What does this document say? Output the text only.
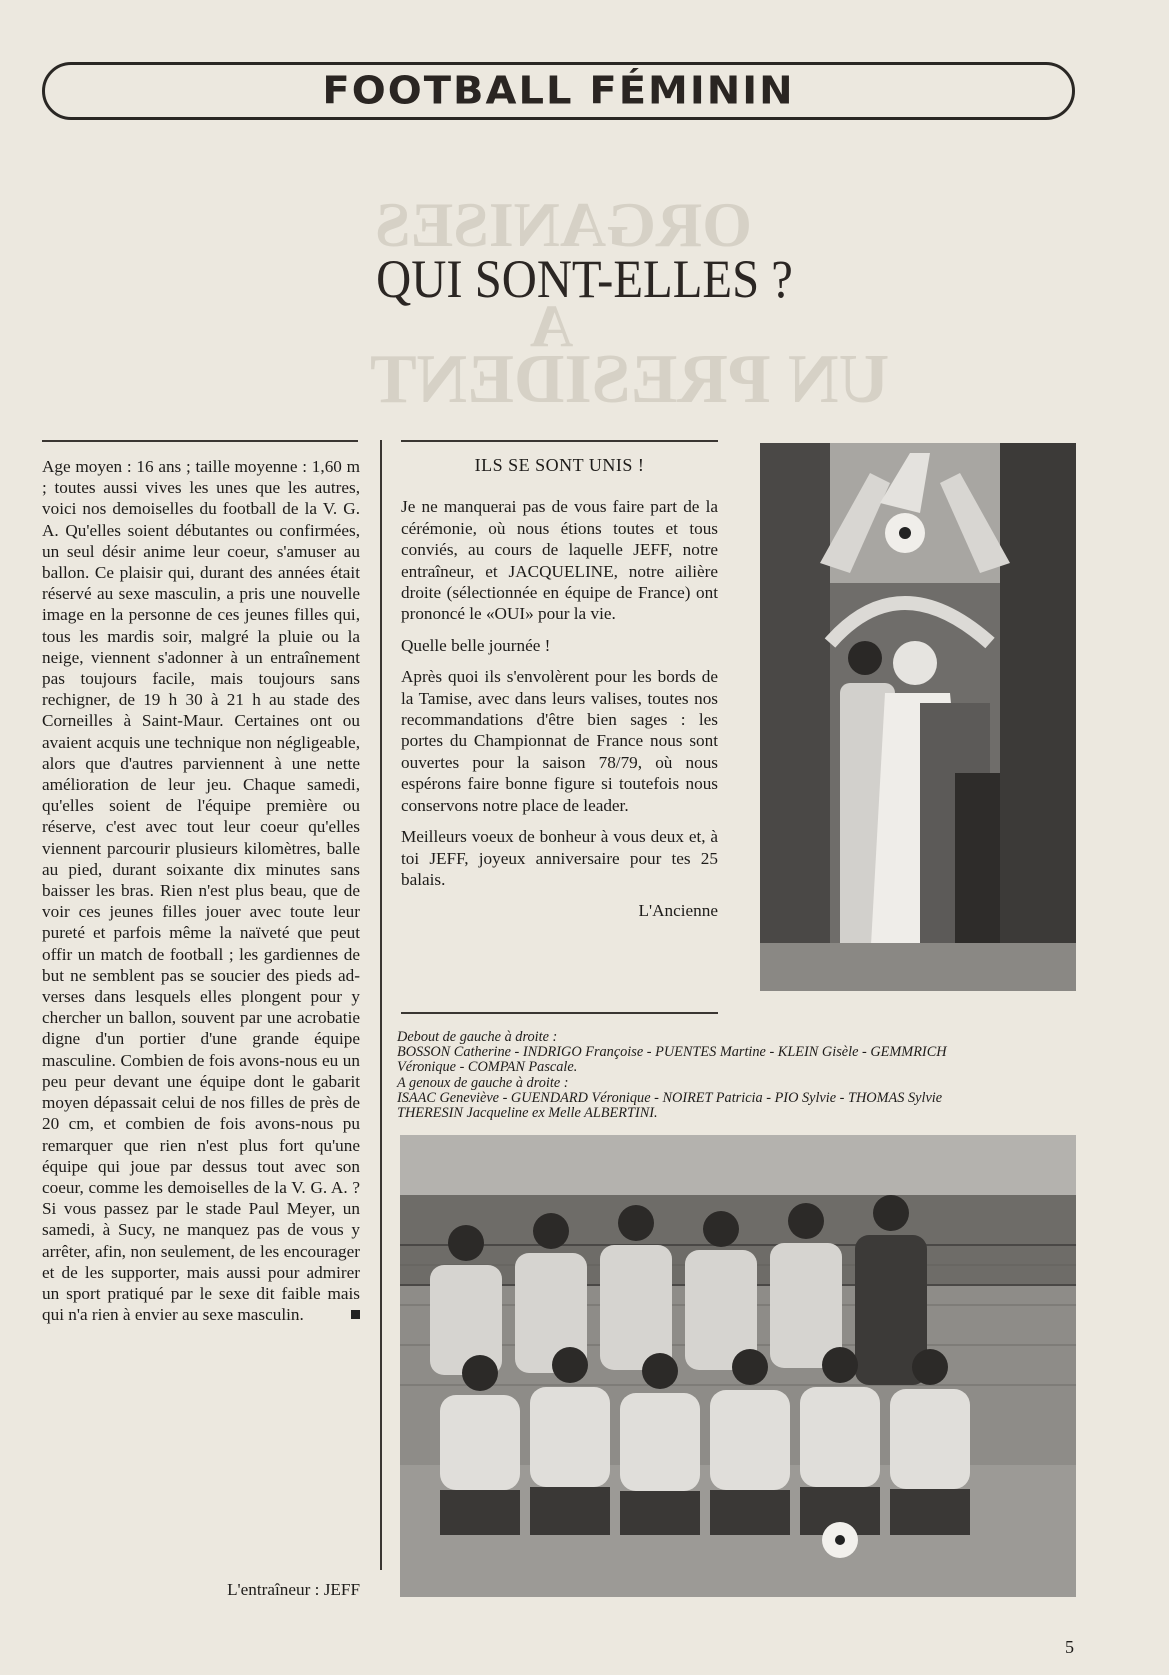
ORGANISES
A
UN PRESIDENT
FOOTBALL FÉMININ
QUI SONT-ELLES ?

Age moyen : 16 ans ; taille moyenne : 1,60 m ; toutes aussi vives les unes que les autres, voici nos demoiselles du football de la V. G. A. Qu'elles soient débutantes ou confirmées, un seul désir anime leur coeur, s'amuser au ballon. Ce plaisir qui, durant des années était réservé au sexe masculin, a pris une nouvelle image en la personne de ces jeunes filles qui, tous les mardis soir, malgré la pluie ou la neige, viennent s'adonner à un entraînement pas toujours facile, mais toujours sans rechigner, de 19 h 30 à 21 h au stade des Corneilles à Saint-Maur. Certaines ont ou avaient acquis une technique non négligeable, alors que d'autres parviennent à une nette amélioration de leur jeu. Chaque samedi, qu'elles soient de l'équipe première ou réserve, c'est avec tout leur coeur qu'elles viennent parcourir plusieurs kilomètres, balle au pied, durant soixante dix minutes sans baisser les bras. Rien n'est plus beau, que de voir ces jeunes filles jouer avec toute leur pureté et parfois même la naïveté que peut offir un match de football ; les gardiennes de but ne semblent pas se soucier des pieds adverses dans lesquels elles plongent pour y chercher un ballon, souvent par une acrobatie digne d'un portier d'une grande équipe masculine. Combien de fois avons-nous eu un peu peur devant une équipe dont le gabarit moyen dépassait celui de nos filles de près de 20 cm, et combien de fois avons-nous pu remarquer que rien n'est plus fort qu'une équipe qui joue par dessus tout avec son coeur, comme les demoiselles de la V. G. A. ? Si vous passez par le stade Paul Meyer, un samedi, à Sucy, ne manquez pas de vous y arrêter, afin, non seulement, de les encourager et de les supporter, mais aussi pour admirer un sport pratiqué par le sexe dit faible mais qui n'a rien à envier au sexe masculin.

L'entraîneur : JEFF
ILS SE SONT UNIS !

Je ne manquerai pas de vous faire part de la cérémonie, où nous étions toutes et tous conviés, au cours de laquelle JEFF, notre entraîneur, et JACQUELINE, notre ailière droite (sélectionnée en équipe de France) ont prononcé le «OUI» pour la vie.

Quelle belle journée !

Après quoi ils s'envolèrent pour les bords de la Tamise, avec dans leurs valises, toutes nos recommandations d'être bien sages : les portes du Championnat de France nous sont ouvertes pour la saison 78/79, où nous espérons faire bonne figure si toutefois nous conservons notre place de leader.

Meilleurs voeux de bonheur à vous deux et, à toi JEFF, joyeux anniversaire pour tes 25 balais.

L'Ancienne
Debout de gauche à droite :
BOSSON Catherine - INDRIGO Françoise - PUENTES Martine - KLEIN Gisèle - GEMMRICH
Véronique - COMPAN Pascale.
A genoux de gauche à droite :
ISAAC Geneviève - GUENDARD Véronique - NOIRET Patricia - PIO Sylvie - THOMAS Sylvie
THERESIN Jacqueline ex Melle ALBERTINI.
5
